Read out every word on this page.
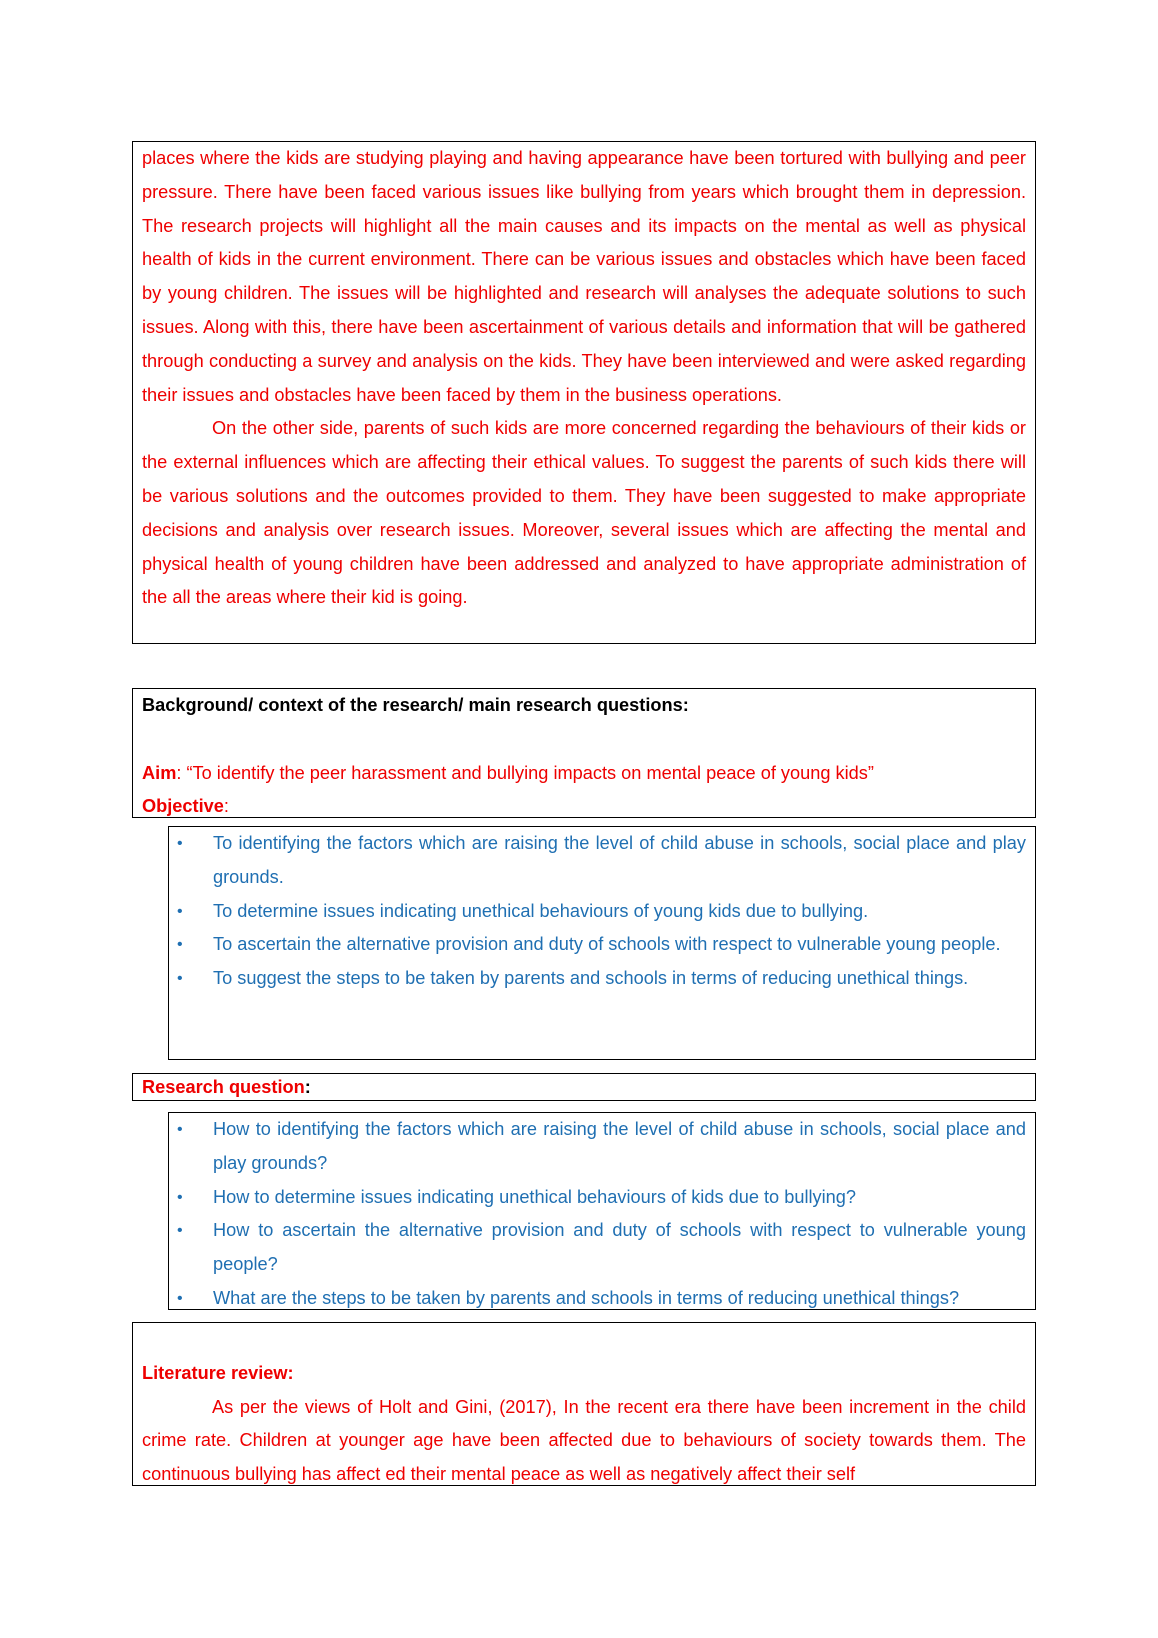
places where the kids are studying playing and having appearance have been tortured with bullying and peer pressure. There have been faced various issues like bullying from years which brought them in depression. The research projects will highlight all the main causes and its impacts on the mental as well as physical health of kids in the current environment. There can be various issues and obstacles which have been faced by young children. The issues will be highlighted and research will analyses the adequate solutions to such issues. Along with this, there have been ascertainment of various details and information that will be gathered through conducting a survey and analysis on the kids. They have been interviewed and were asked regarding their issues and obstacles have been faced by them in the business operations.

On the other side, parents of such kids are more concerned regarding the behaviours of their kids or the external influences which are affecting their ethical values. To suggest the parents of such kids there will be various solutions and the outcomes provided to them. They have been suggested to make appropriate decisions and analysis over research issues. Moreover, several issues which are affecting the mental and physical health of young children have been addressed and analyzed to have appropriate administration of the all the areas where their kid is going.

Background/ context of the research/ main research questions:

Aim: “To identify the peer harassment and bullying impacts on mental peace of young kids”

Objective:

• To identifying the factors which are raising the level of child abuse in schools, social place and play grounds.
• To determine issues indicating unethical behaviours of young kids due to bullying.
• To ascertain the alternative provision and duty of schools with respect to vulnerable young people.
• To suggest the steps to be taken by parents and schools in terms of reducing unethical things.

Research question:

• How to identifying the factors which are raising the level of child abuse in schools, social place and play grounds?
• How to determine issues indicating unethical behaviours of kids due to bullying?
• How to ascertain the alternative provision and duty of schools with respect to vulnerable young people?
• What are the steps to be taken by parents and schools in terms of reducing unethical things?

Literature review:

As per the views of Holt and Gini, (2017), In the recent era there have been increment in the child crime rate. Children at younger age have been affected due to behaviours of society towards them. The continuous bullying has affect ed their mental peace as well as negatively affect their self
